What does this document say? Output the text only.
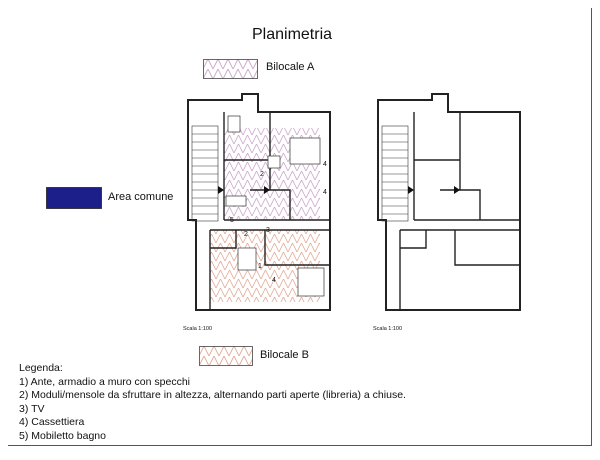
Planimetria
Bilocale A
Area comune
Bilocale B
4
2
4
3
2
5
1
4
Scala 1:100	Scala 1:100
Legenda:
1) Ante, armadio a muro con specchi
2) Moduli/mensole da sfruttare in altezza, alternando parti aperte (libreria) a chiuse.
3) TV
4) Cassettiera
5) Mobiletto bagno
